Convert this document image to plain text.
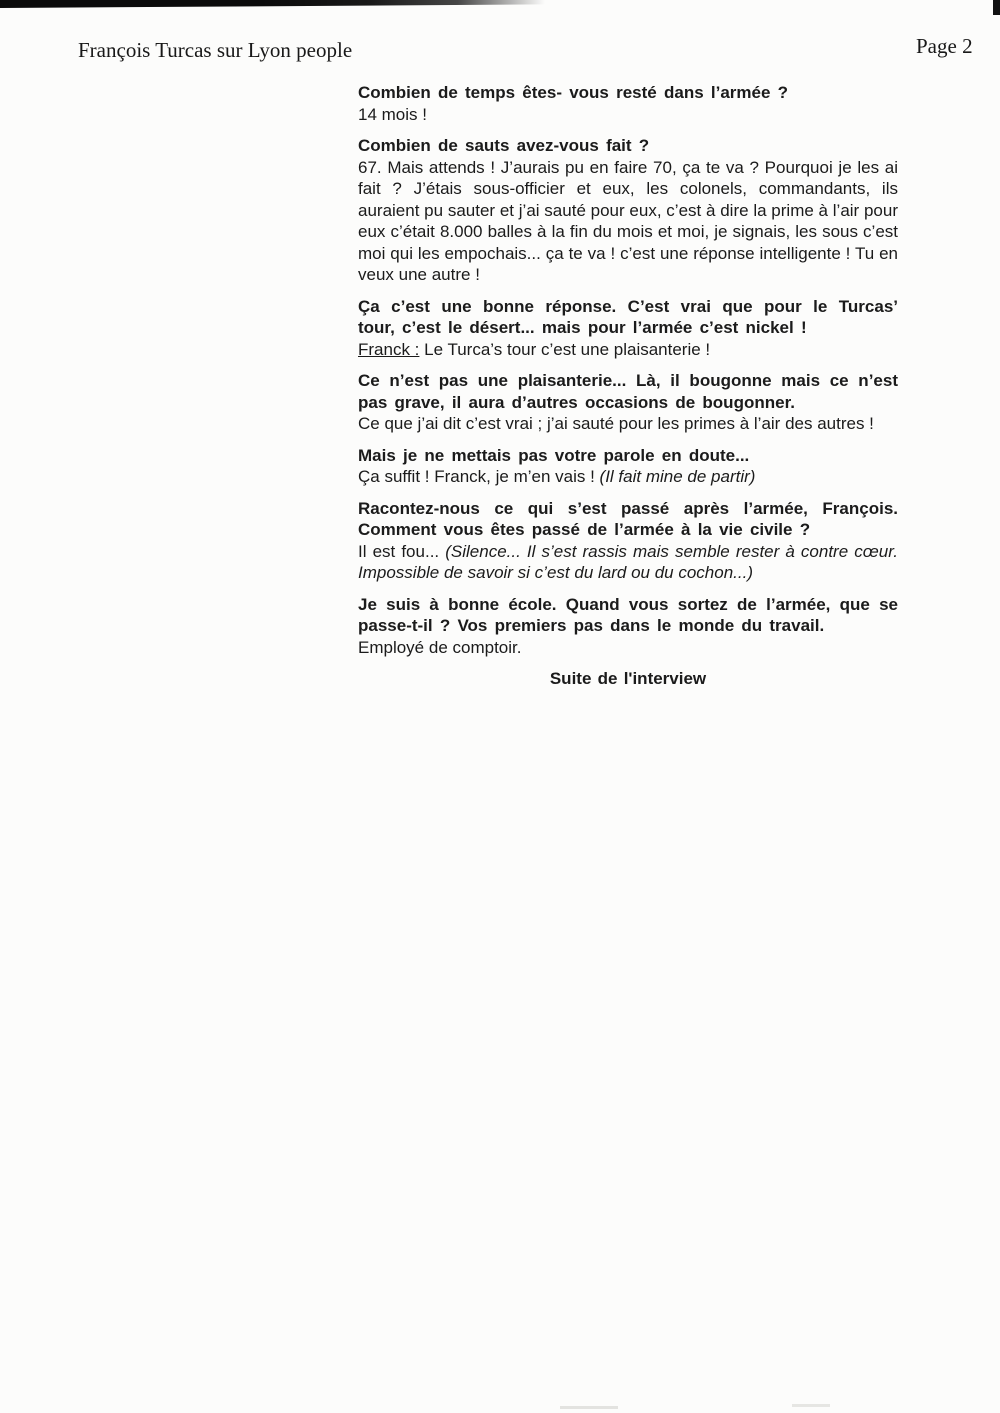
François Turcas sur Lyon people	Page 2

Combien de temps êtes- vous resté dans l’armée ?

14 mois !

Combien de sauts avez-vous fait ?

67. Mais attends ! J’aurais pu en faire 70, ça te va ? Pourquoi je les ai fait ? J’étais sous-officier et eux, les colonels, commandants, ils auraient pu sauter et j’ai sauté pour eux, c’est à dire la prime à l’air pour eux c’était 8.000 balles à la fin du mois et moi, je signais, les sous c’est moi qui les empochais... ça te va ! c’est une réponse intelligente ! Tu en veux une autre !

Ça c’est une bonne réponse. C’est vrai que pour le Turcas’ tour, c’est le désert... mais pour l’armée c’est nickel !

Franck : Le Turca’s tour c’est une plaisanterie !

Ce n’est pas une plaisanterie... Là, il bougonne mais ce n’est pas grave, il aura d’autres occasions de bougonner.

Ce que j’ai dit c’est vrai ; j’ai sauté pour les primes à l’air des autres !

Mais je ne mettais pas votre parole en doute...

Ça suffit ! Franck, je m’en vais ! (Il fait mine de partir)

Racontez-nous ce qui s’est passé après l’armée, François. Comment vous êtes passé de l’armée à la vie civile ?

Il est fou... (Silence... Il s’est rassis mais semble rester à contre cœur. Impossible de savoir si c’est du lard ou du cochon...)

Je suis à bonne école. Quand vous sortez de l’armée, que se passe-t-il ? Vos premiers pas dans le monde du travail.

Employé de comptoir.

Suite de l'interview
